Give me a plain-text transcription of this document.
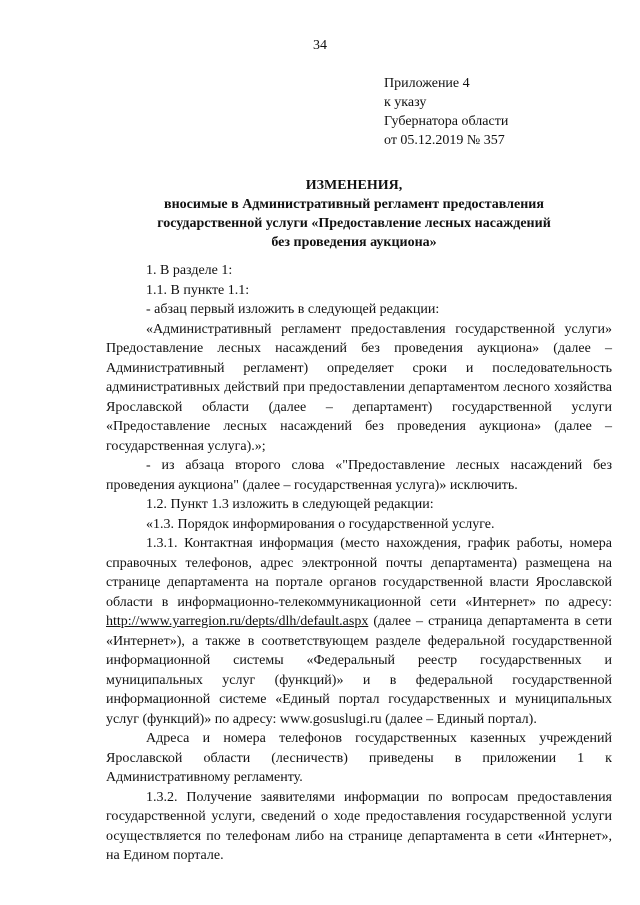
34
Приложение 4
к указу
Губернатора области
от 05.12.2019 № 357
ИЗМЕНЕНИЯ,
вносимые в Административный регламент предоставления
государственной услуги «Предоставление лесных насаждений
без проведения аукциона»

1. В разделе 1:

1.1. В пункте 1.1:

- абзац первый изложить в следующей редакции:

«Административный регламент предоставления государственной услуги» Предоставление лесных насаждений без проведения аукциона» (далее – Административный регламент) определяет сроки и последовательность административных действий при предоставлении департаментом лесного хозяйства Ярославской области (далее – департамент) государственной услуги «Предоставление лесных насаждений без проведения аукциона» (далее – государственная услуга).»;

- из абзаца второго слова «"Предоставление лесных насаждений без проведения аукциона" (далее – государственная услуга)» исключить.

1.2. Пункт 1.3 изложить в следующей редакции:

«1.3. Порядок информирования о государственной услуге.

1.3.1. Контактная информация (место нахождения, график работы, номера справочных телефонов, адрес электронной почты департамента) размещена на странице департамента на портале органов государственной власти Ярославской области в информационно-телекоммуникационной сети «Интернет» по адресу: http://www.yarregion.ru/depts/dlh/default.aspx (далее – страница департамента в сети «Интернет»), а также в соответствующем разделе федеральной государственной информационной системы «Федеральный реестр государственных и муниципальных услуг (функций)» и в федеральной государственной информационной системе «Единый портал государственных и муниципальных услуг (функций)» по адресу: www.gosuslugi.ru (далее – Единый портал).

Адреса и номера телефонов государственных казенных учреждений Ярославской области (лесничеств) приведены в приложении 1 к Административному регламенту.

1.3.2. Получение заявителями информации по вопросам предоставления государственной услуги, сведений о ходе предоставления государственной услуги осуществляется по телефонам либо на странице департамента в сети «Интернет», на Едином портале.
